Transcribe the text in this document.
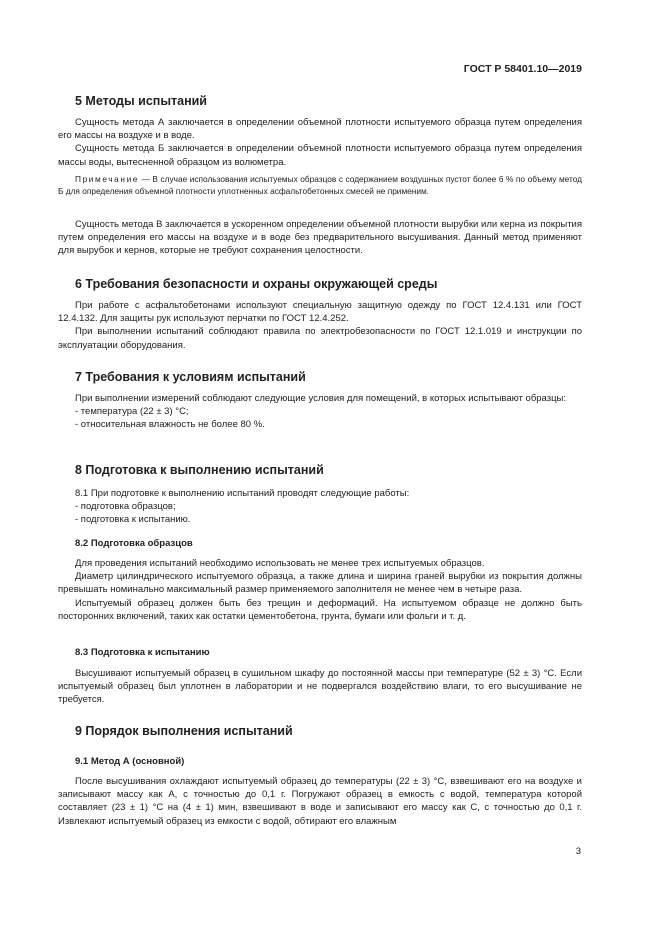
ГОСТ Р 58401.10—2019
5 Методы испытаний

Сущность метода А заключается в определении объемной плотности испытуемого образца путем определения его массы на воздухе и в воде.

Сущность метода Б заключается в определении объемной плотности испытуемого образца путем определения массы воды, вытесненной образцом из волюметра.

Примечание — В случае использования испытуемых образцов с содержанием воздушных пустот более 6 % по объему метод Б для определения объемной плотности уплотненных асфальтобетонных смесей не применим.

Сущность метода В заключается в ускоренном определении объемной плотности вырубки или керна из покрытия путем определения его массы на воздухе и в воде без предварительного высушивания. Данный метод применяют для вырубок и кернов, которые не требуют сохранения целостности.

6 Требования безопасности и охраны окружающей среды

При работе с асфальтобетонами используют специальную защитную одежду по ГОСТ 12.4.131 или ГОСТ 12.4.132. Для защиты рук используют перчатки по ГОСТ 12.4.252.

При выполнении испытаний соблюдают правила по электробезопасности по ГОСТ 12.1.019 и инструкции по эксплуатации оборудования.

7 Требования к условиям испытаний

При выполнении измерений соблюдают следующие условия для помещений, в которых испытывают образцы:

- температура (22 ± 3) °С;

- относительная влажность не более 80 %.

8 Подготовка к выполнению испытаний

8.1 При подготовке к выполнению испытаний проводят следующие работы:

- подготовка образцов;

- подготовка к испытанию.

8.2 Подготовка образцов

Для проведения испытаний необходимо использовать не менее трех испытуемых образцов.

Диаметр цилиндрического испытуемого образца, а также длина и ширина граней вырубки из покрытия должны превышать номинально максимальный размер применяемого заполнителя не менее чем в четыре раза.

Испытуемый образец должен быть без трещин и деформаций. На испытуемом образце не должно быть посторонних включений, таких как остатки цементобетона, грунта, бумаги или фольги и т. д.

8.3 Подготовка к испытанию

Высушивают испытуемый образец в сушильном шкафу до постоянной массы при температуре (52 ± 3) °С. Если испытуемый образец был уплотнен в лаборатории и не подвергался воздействию влаги, то его высушивание не требуется.

9 Порядок выполнения испытаний
9.1 Метод А (основной)

После высушивания охлаждают испытуемый образец до температуры (22 ± 3) °С, взвешивают его на воздухе и записывают массу как А, с точностью до 0,1 г. Погружают образец в емкость с водой, температура которой составляет (23 ± 1) °С на (4 ± 1) мин, взвешивают в воде и записывают его массу как С, с точностью до 0,1 г. Извлекают испытуемый образец из емкости с водой, обтирают его влажным

3
